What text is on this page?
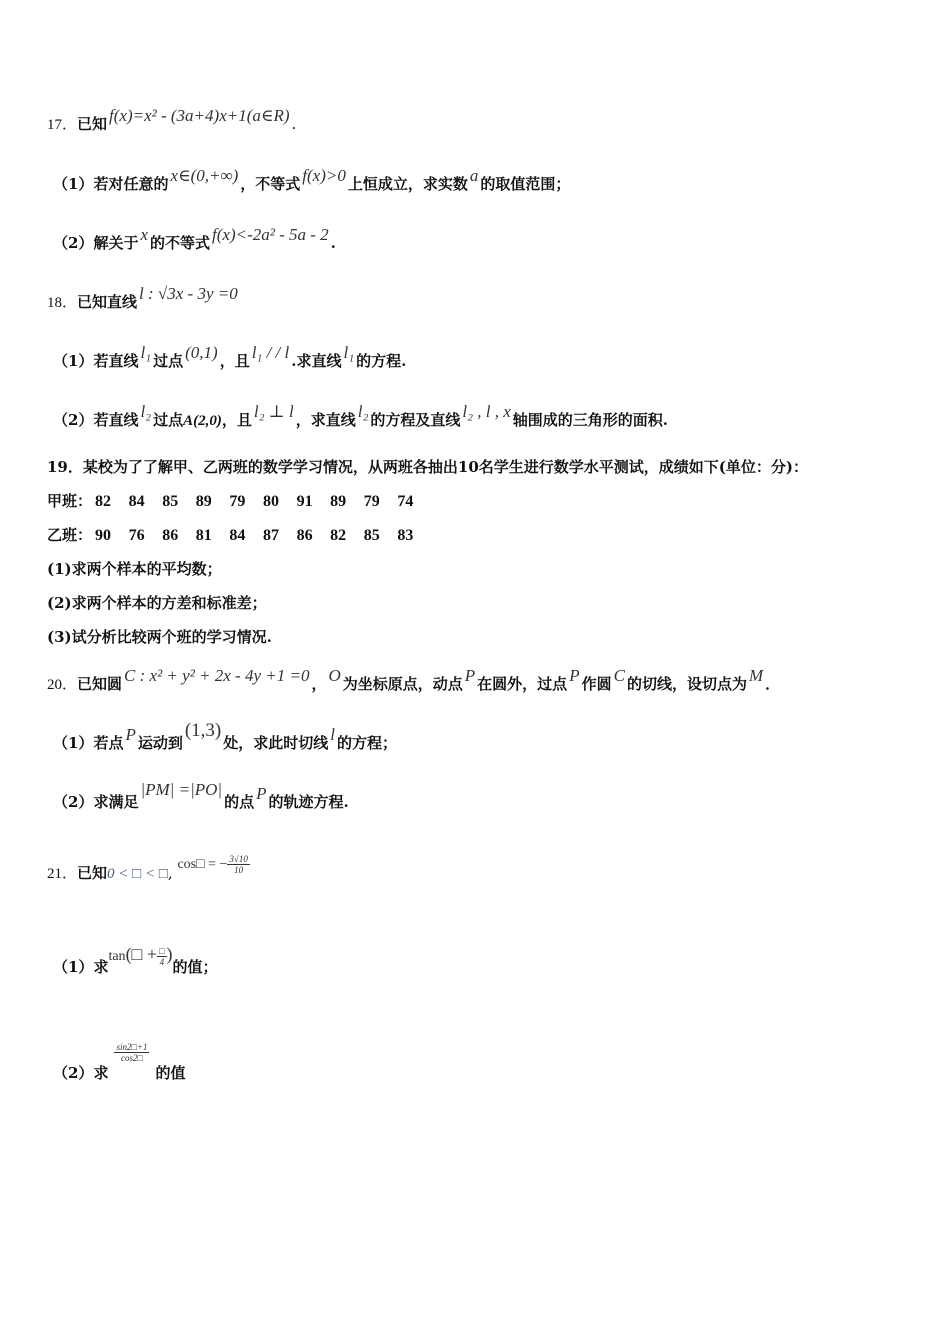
17．已知 f(x)=x² - (3a+4)x+1(a∈R) .
（1）若对任意的 x∈(0,+∞) ，不等式 f(x)>0 上恒成立，求实数 a 的取值范围；
（2）解关于 x 的不等式 f(x)<-2a² - 5a - 2 .
18．已知直线 l : √3x - 3y =0
（1）若直线 l₁ 过点 (0,1) ，且 l₁ / / l .求直线 l₁ 的方程.
（2）若直线 l₂ 过点A(2,0)，且 l₂ ⊥ l ，求直线 l₂ 的方程及直线 l₂ , l , x 轴围成的三角形的面积.
19．某校为了了解甲、乙两班的数学学习情况，从两班各抽出10名学生进行数学水平测试，成绩如下(单位：分)：
甲班： 82 84 85 89 79 80 91 89 79 74
乙班： 90 76 86 81 84 87 86 82 85 83
(1)求两个样本的平均数；
(2)求两个样本的方差和标准差；
(3)试分析比较两个班的学习情况.
20．已知圆 C : x² + y² + 2x - 4y +1 =0 ， O 为坐标原点，动点 P 在圆外，过点 P 作圆 C 的切线，设切点为 M ．
（1）若点 P 运动到(1,3)处，求此时切线 l 的方程；
（2）求满足|PM| =|PO|的点 P 的轨迹方程.
21．已知0 < □ < □, cos□ = − $\frac{3√10}{10}$
（1）求tan(□ + $\frac{□}{4}$ )的值；
（2）求
$\frac{\sin 2□+1}{\cos 2□}$
的值
